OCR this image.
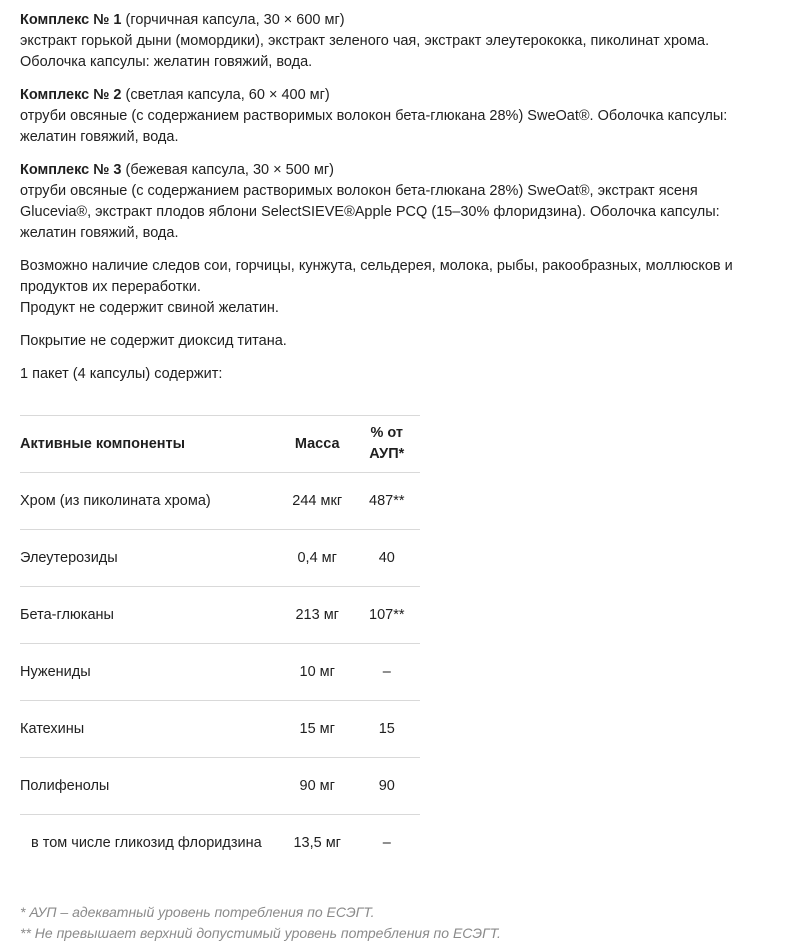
Комплекс № 1 (горчичная капсула, 30 × 600 мг)
экстракт горькой дыни (момордики), экстракт зеленого чая, экстракт элеутерококка, пиколинат хрома.
Оболочка капсулы: желатин говяжий, вода.

Комплекс № 2 (светлая капсула, 60 × 400 мг)
отруби овсяные (с содержанием растворимых волокон бета-глюкана 28%) SweOat®. Оболочка капсулы:
желатин говяжий, вода.

Комплекс № 3 (бежевая капсула, 30 × 500 мг)
отруби овсяные (с содержанием растворимых волокон бета-глюкана 28%) SweOat®, экстракт ясеня
Glucevia®, экстракт плодов яблони SelectSIEVE®Apple PCQ (15–30% флоридзина). Оболочка капсулы:
желатин говяжий, вода.

Возможно наличие следов сои, горчицы, кунжута, сельдерея, молока, рыбы, ракообразных, моллюсков и
продуктов их переработки.
Продукт не содержит свиной желатин.

Покрытие не содержит диоксид титана.

1 пакет (4 капсулы) содержит:

Активные компоненты	Масса	% от АУП*
Хром (из пиколината хрома)	244 мкг	487**
Элеутерозиды	0,4 мг	40
Бета-глюканы	213 мг	107**
Нужениды	10 мг	–
Катехины	15 мг	15
Полифенолы	90 мг	90
в том числе гликозид флоридзина	13,5 мг	–

* АУП – адекватный уровень потребления по ЕСЭГТ.
** Не превышает верхний допустимый уровень потребления по ЕСЭГТ.
